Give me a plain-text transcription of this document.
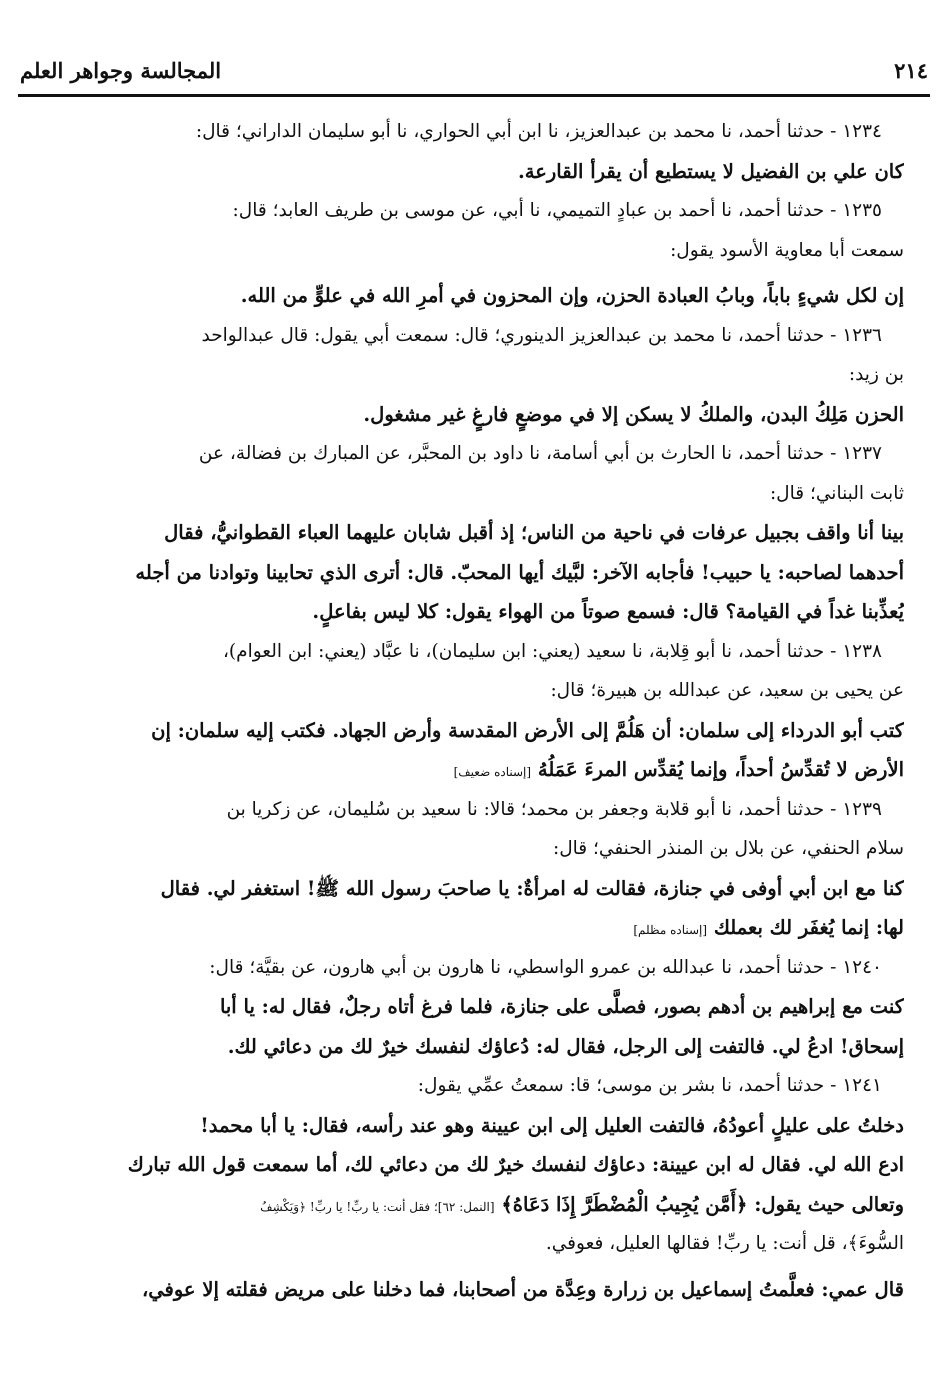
٢١٤
المجالسة وجواهر العلم
١٢٣٤ - حدثنا أحمد، نا محمد بن عبدالعزيز، نا ابن أبي الحواري، نا أبو سليمان الداراني؛ قال:
كان علي بن الفضيل لا يستطيع أن يقرأ القارعة.
١٢٣٥ - حدثنا أحمد، نا أحمد بن عبادٍ التميمي، نا أبي، عن موسى بن طريف العابد؛ قال:
سمعت أبا معاوية الأسود يقول:
إن لكل شيءٍ باباً، وبابُ العبادة الحزن، وإن المحزون في أمرِ الله في علوٍّ من الله.
١٢٣٦ - حدثنا أحمد، نا محمد بن عبدالعزيز الدينوري؛ قال: سمعت أبي يقول: قال عبدالواحد
بن زيد:
الحزن مَلِكُ البدن، والملكُ لا يسكن إلا في موضعٍ فارغٍ غير مشغول.
١٢٣٧ - حدثنا أحمد، نا الحارث بن أبي أسامة، نا داود بن المحبَّر، عن المبارك بن فضالة، عن
ثابت البناني؛ قال:
بينا أنا واقف بجبيل عرفات في ناحية من الناس؛ إذ أقبل شابان عليهما العباء القطوانيُّ، فقال
أحدهما لصاحبه: يا حبيب! فأجابه الآخر: لبَّيك أيها المحبّ. قال: أترى الذي تحابينا وتوادنا من أجله
يُعذِّبنا غداً في القيامة؟ قال: فسمع صوتاً من الهواء يقول: كلا ليس بفاعلٍ.
١٢٣٨ - حدثنا أحمد، نا أبو قِلابة، نا سعيد (يعني: ابن سليمان)، نا عبَّاد (يعني: ابن العوام)،
عن يحيى بن سعيد، عن عبدالله بن هبيرة؛ قال:
كتب أبو الدرداء إلى سلمان: أن هَلُمَّ إلى الأرض المقدسة وأرض الجهاد. فكتب إليه سلمان: إن
الأرض لا تُقدِّسُ أحداً، وإنما يُقدِّس المرءَ عَمَلُهُ [إسناده ضعيف]
١٢٣٩ - حدثنا أحمد، نا أبو قلابة وجعفر بن محمد؛ قالا: نا سعيد بن سُليمان، عن زكريا بن
سلام الحنفي، عن بلال بن المنذر الحنفي؛ قال:
كنا مع ابن أبي أوفى في جنازة، فقالت له امرأةٌ: يا صاحبَ رسول الله ﷺ! استغفر لي. فقال
لها: إنما يُغفَر لك بعملك [إسناده مظلم]
١٢٤٠ - حدثنا أحمد، نا عبدالله بن عمرو الواسطي، نا هارون بن أبي هارون، عن بقيَّة؛ قال:
كنت مع إبراهيم بن أدهم بصور، فصلَّى على جنازة، فلما فرغ أتاه رجلٌ، فقال له: يا أبا
إسحاق! ادعُ لي. فالتفت إلى الرجل، فقال له: دُعاؤك لنفسك خيرٌ لك من دعائي لك.
١٢٤١ - حدثنا أحمد، نا بشر بن موسى؛ قا: سمعتُ عمِّي يقول:
دخلتُ على عليلٍ أعودُهُ، فالتفت العليل إلى ابن عيينة وهو عند رأسه، فقال: يا أبا محمد!
ادع الله لي. فقال له ابن عيينة: دعاؤك لنفسك خيرٌ لك من دعائي لك، أما سمعت قول الله تبارك
وتعالى حيث يقول: ﴿أَمَّن يُجِيبُ الْمُضْطَرَّ إِذَا دَعَاهُ﴾ [النمل: ٦٢]؛ فقل أنت: يا ربِّ! يا ربِّ! ﴿وَيَكْشِفُ
السُّوءَ﴾، قل أنت: يا ربِّ! فقالها العليل، فعوفي.
قال عمي: فعلَّمتُ إسماعيل بن زرارة وعِدَّة من أصحابنا، فما دخلنا على مريض فقلته إلا عوفي،
